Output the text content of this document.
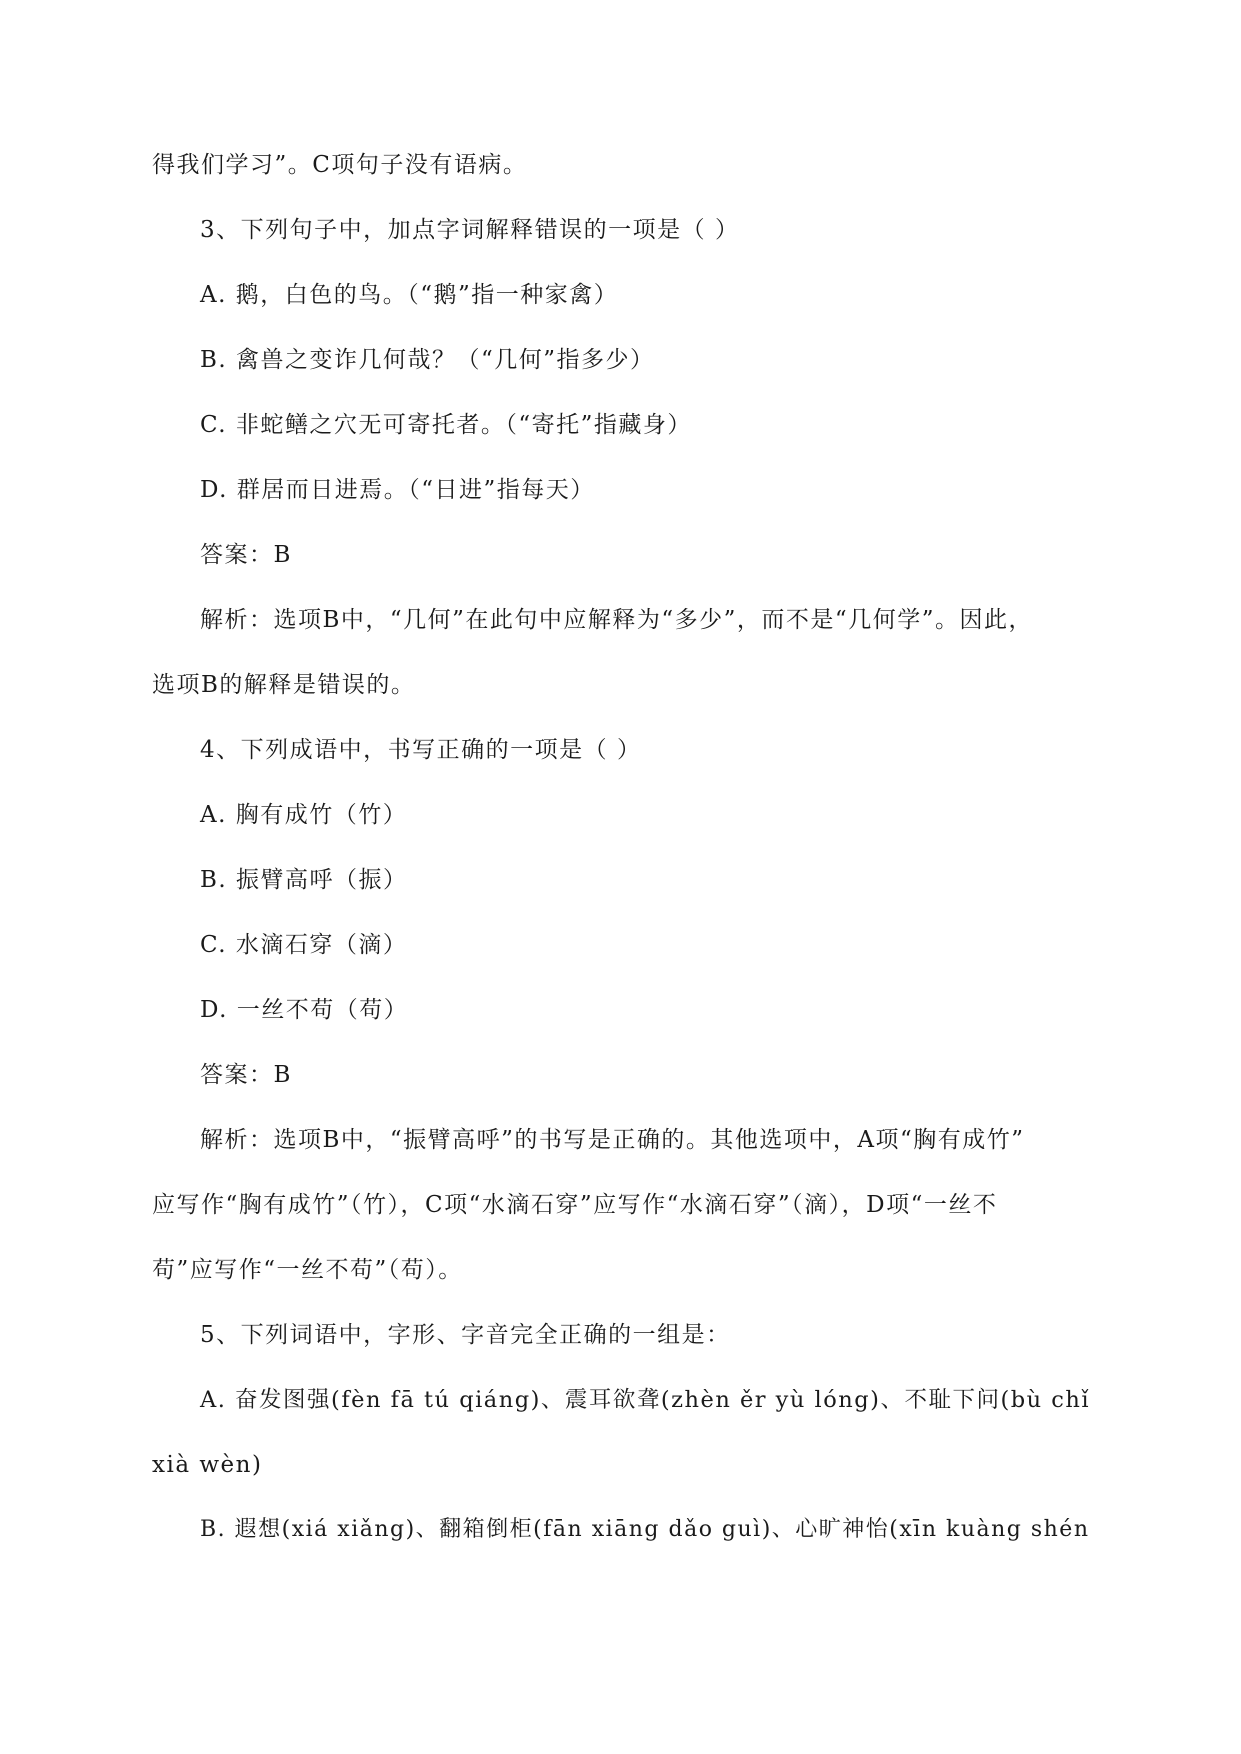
得我们学习”。C项句子没有语病。
3、下列句子中，加点字词解释错误的一项是（ ）
A. 鹅，白色的鸟。（“鹅”指一种家禽）
B. 禽兽之变诈几何哉？（“几何”指多少）
C. 非蛇鳝之穴无可寄托者。（“寄托”指藏身）
D. 群居而日进焉。（“日进”指每天）
答案：B
解析：选项B中，“几何”在此句中应解释为“多少”，而不是“几何学”。因此，
选项B的解释是错误的。
4、下列成语中，书写正确的一项是（ ）
A. 胸有成竹（竹）
B. 振臂高呼（振）
C. 水滴石穿（滴）
D. 一丝不苟（苟）
答案：B
解析：选项B中，“振臂高呼”的书写是正确的。其他选项中，A项“胸有成竹”
应写作“胸有成竹”（竹），C项“水滴石穿”应写作“水滴石穿”（滴），D项“一丝不
苟”应写作“一丝不苟”（苟）。
5、下列词语中，字形、字音完全正确的一组是：
A. 奋发图强(fèn fā tú qiáng)、震耳欲聋(zhèn ěr yù lóng)、不耻下问(bù chǐ
xià wèn)
B. 遐想(xiá xiǎng)、翻箱倒柜(fān xiāng dǎo guì)、心旷神怡(xīn kuàng shén
